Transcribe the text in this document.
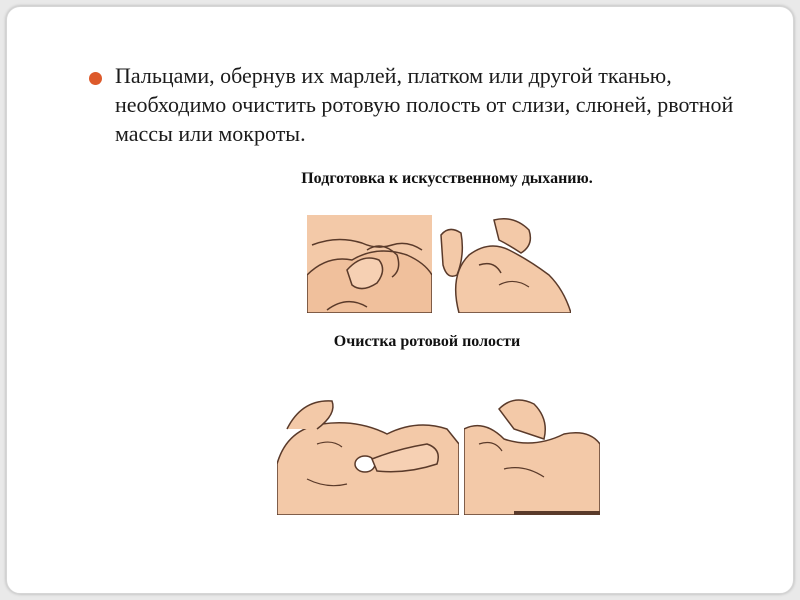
Пальцами, обернув их марлей, платком или другой тканью, необходимо очистить ротовую полость от слизи, слюней, рвотной массы или мокроты.
Подготовка к искусственному дыханию.
Очистка ротовой полости
